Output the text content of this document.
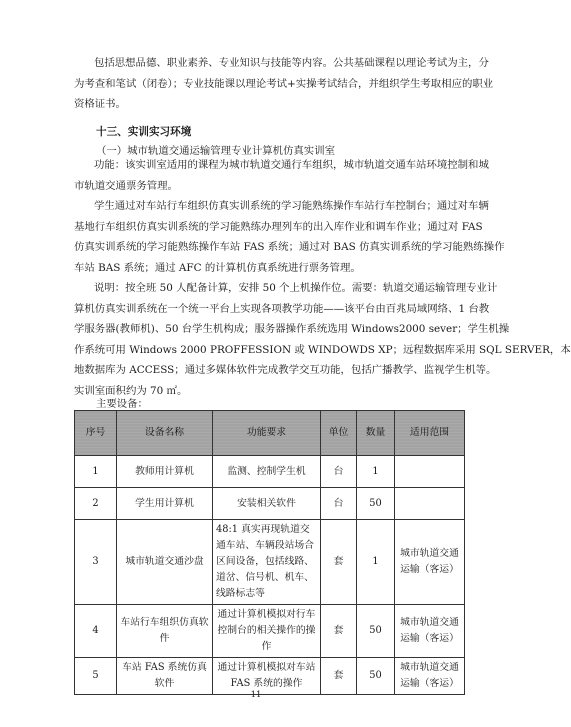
包括思想品德、职业素养、专业知识与技能等内容。公共基础课程以理论考试为主，分
为考查和笔试（闭卷）；专业技能课以理论考试+实操考试结合，并组织学生考取相应的职业
资格证书。
十三、实训实习环境
（一）城市轨道交通运输管理专业计算机仿真实训室
功能：该实训室适用的课程为城市轨道交通行车组织，城市轨道交通车站环境控制和城
市轨道交通票务管理。
学生通过对车站行车组织仿真实训系统的学习能熟练操作车站行车控制台；通过对车辆
基地行车组织仿真实训系统的学习能熟练办理列车的出入库作业和调车作业；通过对 FAS
仿真实训系统的学习能熟练操作车站 FAS 系统；通过对 BAS 仿真实训系统的学习能熟练操作
车站 BAS 系统；通过 AFC 的计算机仿真系统进行票务管理。
说明：按全班 50 人配备计算，安排 50 个上机操作位。需要：轨道交通运输管理专业计
算机仿真实训系统在一个统一平台上实现各项教学功能——该平台由百兆局域网络、1 台教
学服务器(教师机)、50 台学生机构成；服务器操作系统选用 Windows2000 sever；学生机操
作系统可用 Windows 2000 PROFFESSION 或 WINDOWDS XP；远程数据库采用 SQL SERVER，本
地数据库为 ACCESS；通过多媒体软件完成教学交互功能，包括广播教学、监视学生机等。
实训室面积约为 70 ㎡。
主要设备：
序号	设备名称	功能要求	单位	数量	适用范围
1	教师用计算机	监测、控制学生机	台	1	
2	学生用计算机	安装相关软件	台	50	
3	城市轨道交通沙盘	48:1 真实再现轨道交通车站、车辆段站场合区间设备，包括线路、道岔、信号机、机车、线路标志等	套	1	城市轨道交通运输（客运）
4	车站行车组织仿真软件	通过计算机模拟对行车控制台的相关操作的操作	套	50	城市轨道交通运输（客运）
5	车站 FAS 系统仿真软件	通过计算机模拟对车站 FAS 系统的操作	套	50	城市轨道交通运输（客运）
11
